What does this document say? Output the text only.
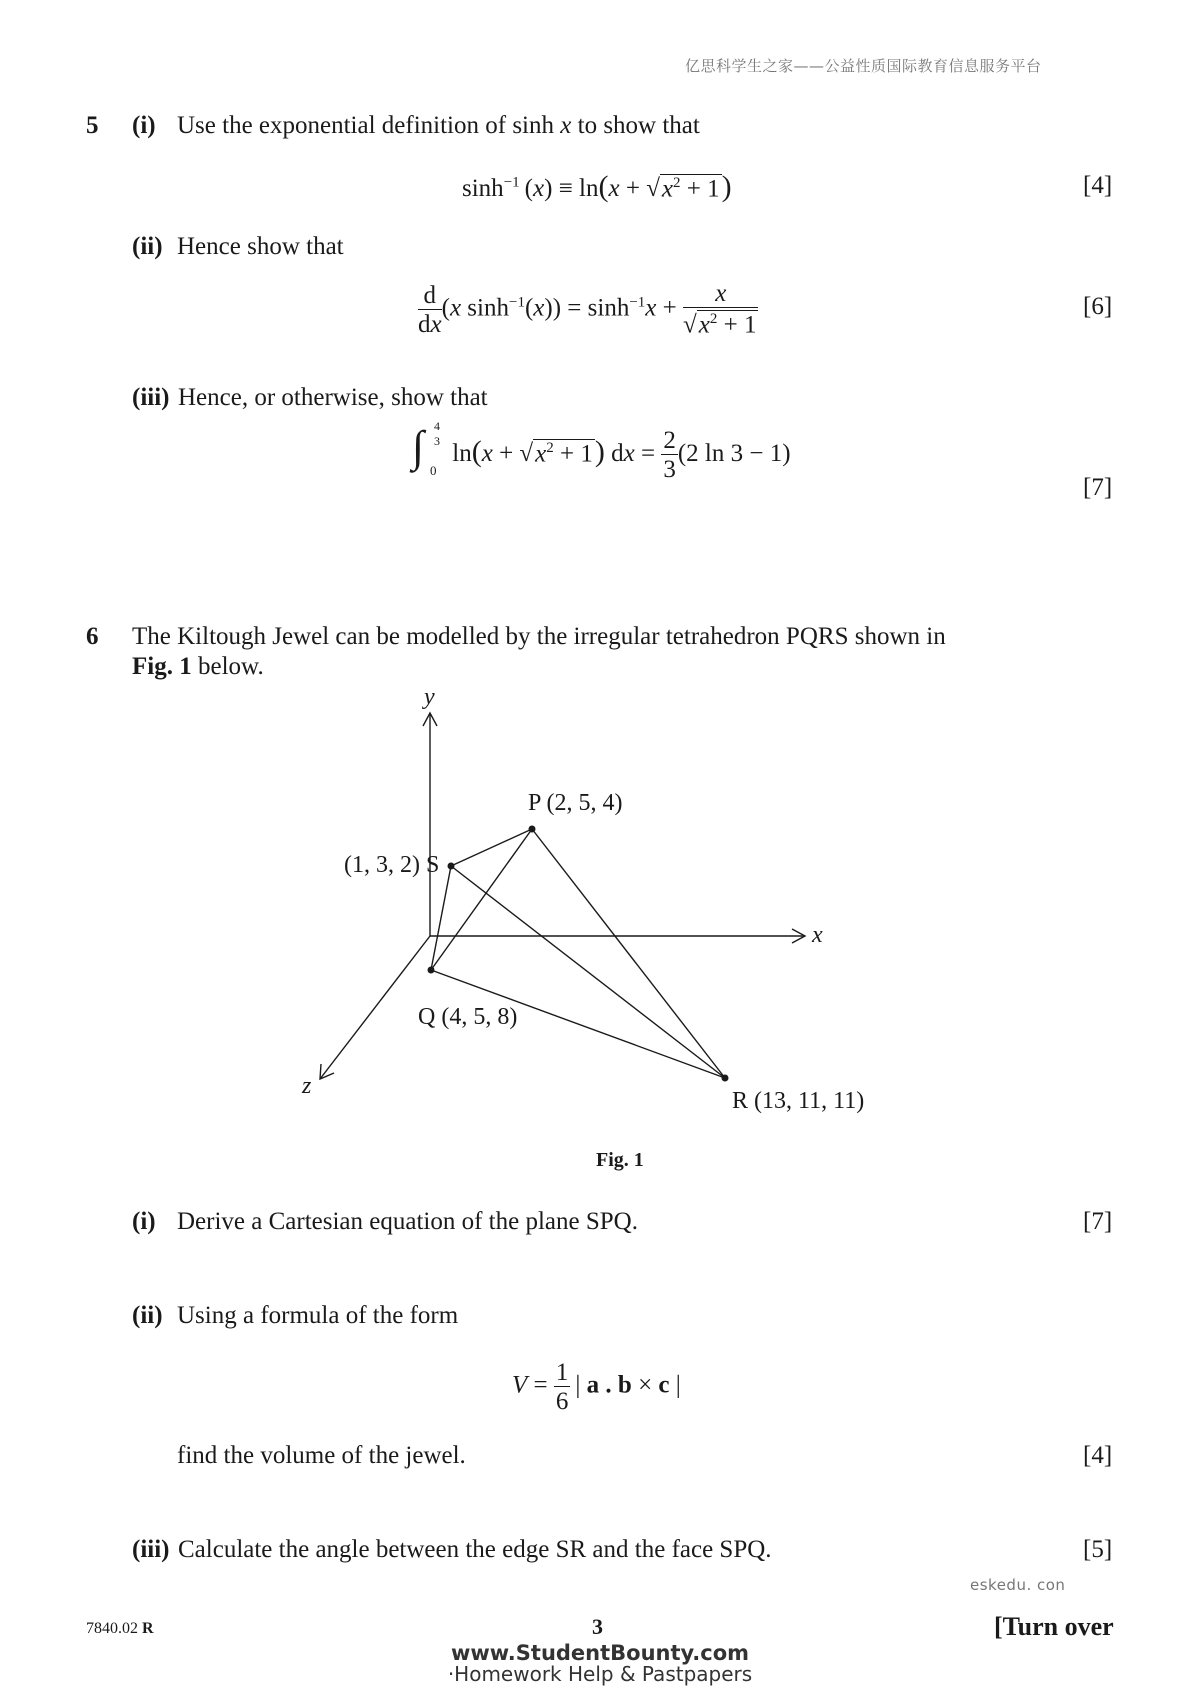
亿思科学生之家——公益性质国际教育信息服务平台
5 (i) Use the exponential definition of sinh x to show that
$\sinh^{-1} (x) \equiv \ln(x + √x^2 + 1)$	[4]
(ii) Hence show that
$\frac{d}{dx} (x$ $\sinh^{-1}(x)) = \sinh^{-1}x + \frac{x}{√x^2 + 1}$	[6]
(iii) Hence, or otherwise, show that
∫ 4
3
0
$\ln(x + √x^2 + 1)$ dx = $\frac{2}{3} (2$ ln 3 − 1)
[7]
6 The Kiltough Jewel can be modelled by the irregular tetrahedron PQRS shown in
Fig. 1 below.
y
x
z
P (2, 5, 4)
(1, 3, 2) S
Q (4, 5, 8)
R (13, 11, 11)
Fig. 1
(i) Derive a Cartesian equation of the plane SPQ.	[7]
(ii) Using a formula of the form
$V = \frac{1}{6}$  | a . b × c |
find the volume of the jewel.	[4]
(iii) Calculate the angle between the edge SR and the face SPQ.	[5]
eskedu. con
7840.02 R	3	[Turn over
www.StudentBounty.com
·Homework Help & Pastpapers
